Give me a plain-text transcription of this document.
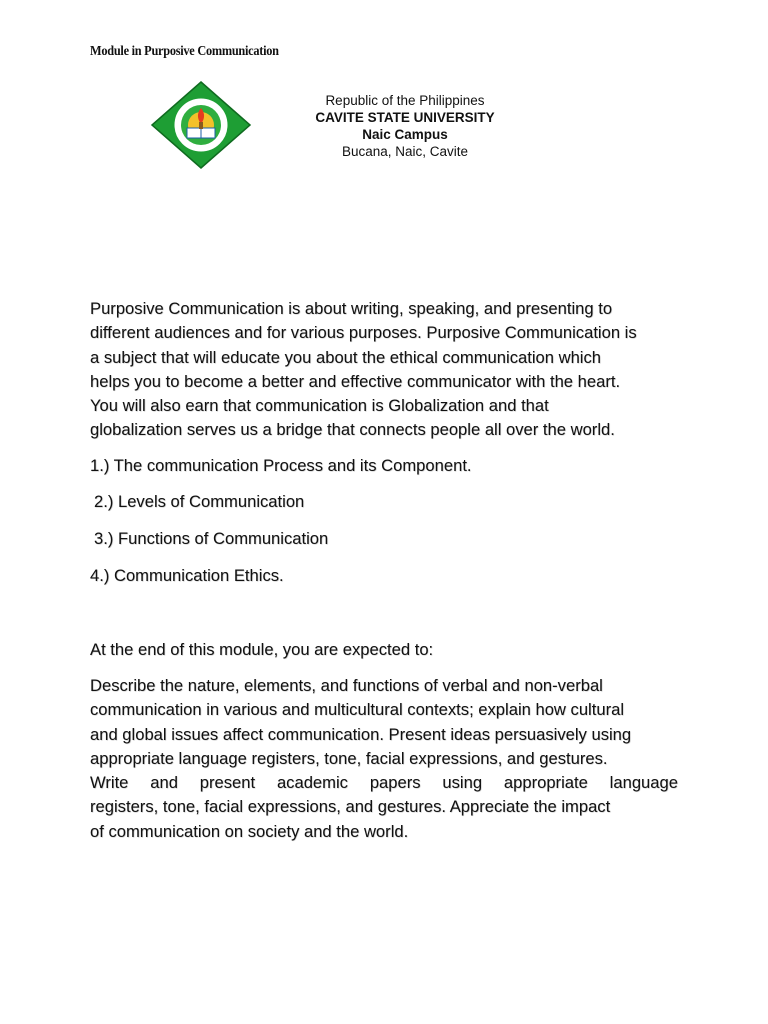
Module in Purposive Communication
Republic of the Philippines
CAVITE STATE UNIVERSITY
Naic Campus
Bucana, Naic, Cavite
Purposive Communication is about writing, speaking, and presenting to
different audiences and for various purposes. Purposive Communication is
a subject that will educate you about the ethical communication which
helps you to become a better and effective communicator with the heart.
You will also earn that communication is Globalization and that
globalization serves us a bridge that connects people all over the world.
1.) The communication Process and its Component.
2.) Levels of Communication
3.) Functions of Communication
4.) Communication Ethics.
At the end of this module, you are expected to:
Describe the nature, elements, and functions of verbal and non-verbal
communication in various and multicultural contexts; explain how cultural
and global issues affect communication. Present ideas persuasively using
appropriate language registers, tone, facial expressions, and gestures.
Write and present academic papers using appropriate language
registers, tone, facial expressions, and gestures. Appreciate the impact
of communication on society and the world.
